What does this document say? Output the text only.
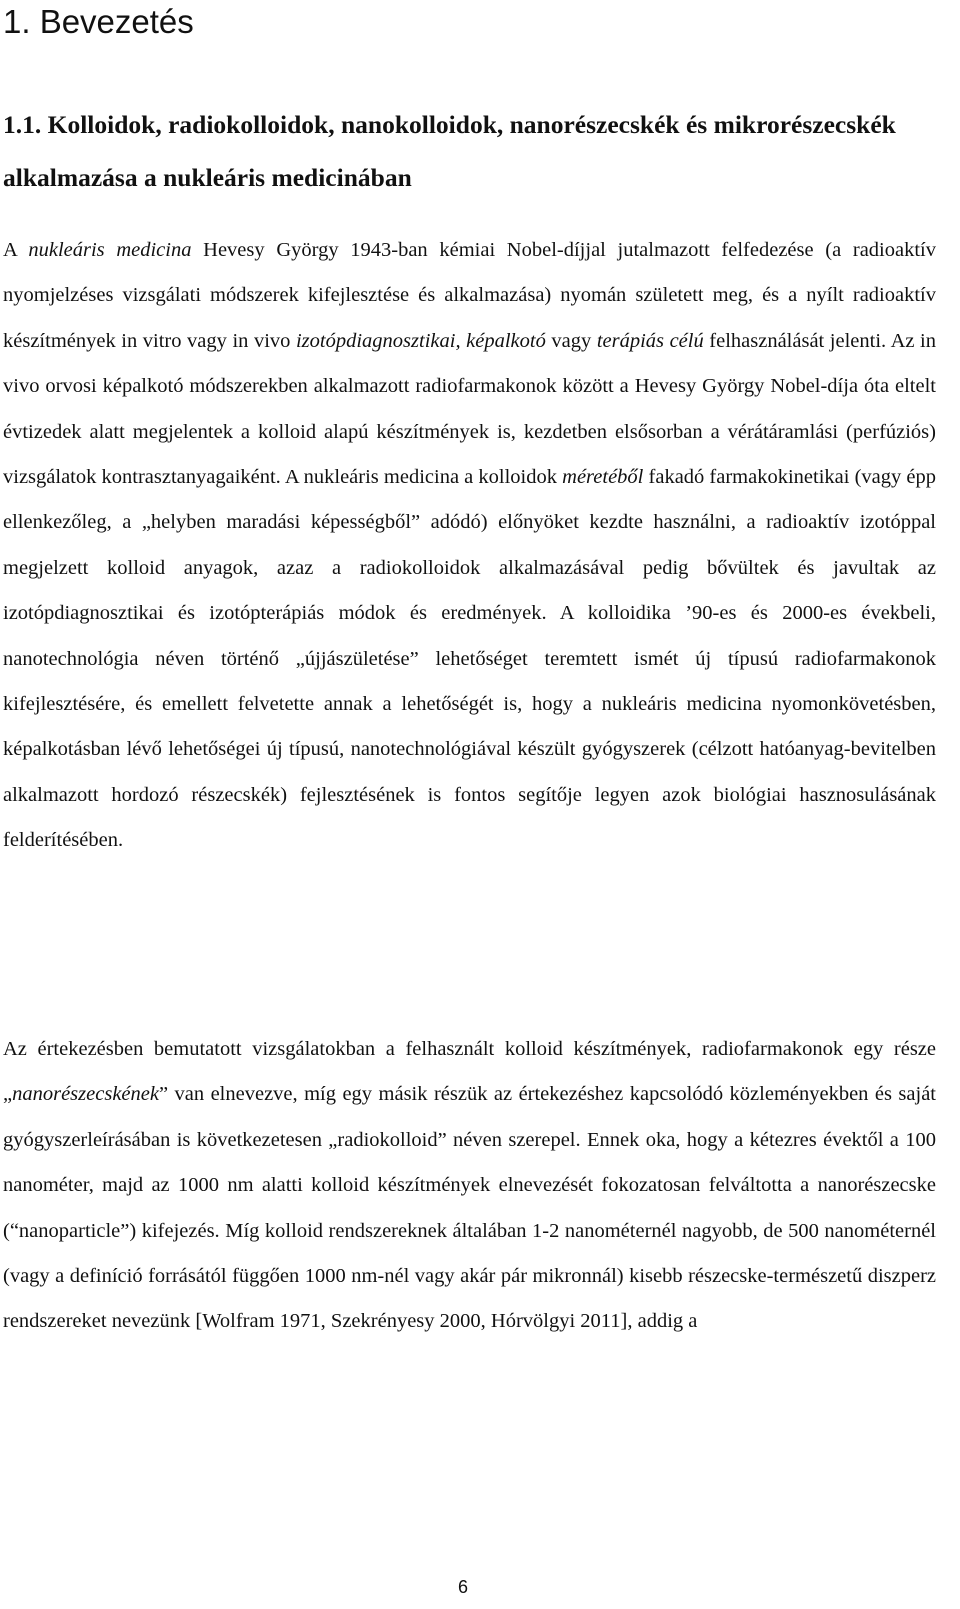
1. Bevezetés
1.1. Kolloidok, radiokolloidok, nanokolloidok, nanorészecskék és mikrorészecskék alkalmazása a nukleáris medicinában
A nukleáris medicina Hevesy György 1943-ban kémiai Nobel-díjjal jutalmazott felfedezése (a radioaktív nyomjelzéses vizsgálati módszerek kifejlesztése és alkalmazása) nyomán született meg, és a nyílt radioaktív készítmények in vitro vagy in vivo izotópdiagnosztikai, képalkotó vagy terápiás célú felhasználását jelenti. Az in vivo orvosi képalkotó módszerekben alkalmazott radiofarmakonok között a Hevesy György Nobel-díja óta eltelt évtizedek alatt megjelentek a kolloid alapú készítmények is, kezdetben elsősorban a vérátáramlási (perfúziós) vizsgálatok kontrasztanyagaiként. A nukleáris medicina a kolloidok méretéből fakadó farmakokinetikai (vagy épp ellenkezőleg, a „helyben maradási képességből” adódó) előnyöket kezdte használni, a radioaktív izotóppal megjelzett kolloid anyagok, azaz a radiokolloidok alkalmazásával pedig bővültek és javultak az izotópdiagnosztikai és izotópterápiás módok és eredmények. A kolloidika ’90-es és 2000-es évekbeli, nanotechnológia néven történő „újjászületése” lehetőséget teremtett ismét új típusú radiofarmakonok kifejlesztésére, és emellett felvetette annak a lehetőségét is, hogy a nukleáris medicina nyomonkövetésben, képalkotásban lévő lehetőségei új típusú, nanotechnológiával készült gyógyszerek (célzott hatóanyag-bevitelben alkalmazott hordozó részecskék) fejlesztésének is fontos segítője legyen azok biológiai hasznosulásának felderítésében.
Az értekezésben bemutatott vizsgálatokban a felhasznált kolloid készítmények, radiofarmakonok egy része „nanorészecskének” van elnevezve, míg egy másik részük az értekezéshez kapcsolódó közleményekben és saját gyógyszerleírásában is következetesen „radiokolloid” néven szerepel. Ennek oka, hogy a kétezres évektől a 100 nanométer, majd az 1000 nm alatti kolloid készítmények elnevezését fokozatosan felváltotta a nanorészecske (“nanoparticle”) kifejezés. Míg kolloid rendszereknek általában 1-2 nanométernél nagyobb, de 500 nanométernél (vagy a definíció forrásától függően 1000 nm-nél vagy akár pár mikronnál) kisebb részecske-természetű diszperz rendszereket nevezünk [Wolfram 1971, Szekrényesy 2000, Hórvölgyi 2011], addig a
6
